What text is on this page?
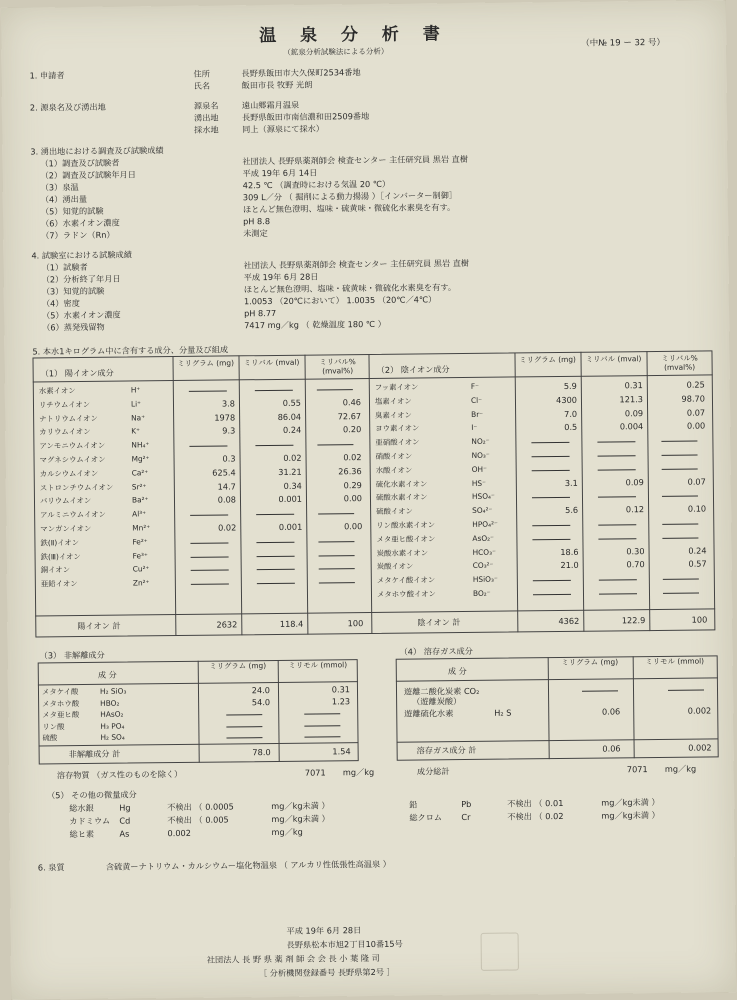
温 泉 分 析 書
（鉱泉分析試験法による分析）
（中№ 19 ー 32 号）
1. 申請者	住所	長野県飯田市大久保町2534番地
氏名	飯田市長 牧野 光朗
2. 源泉名及び湧出地	源泉名	遠山郷霜月温泉
湧出地	長野県飯田市南信濃和田2509番地
採水地	同上（源泉にて採水）
3. 湧出地における調査及び試験成績
（1）調査及び試験者	社団法人 長野県薬剤師会 検査センター 主任研究員 黒岩 直樹
（2）調査及び試験年月日	平成 19年 6月 14日
（3）泉温	42.5 ℃ （調査時における気温 20 ℃）
（4）湧出量	309 L／分 （ 掘削による動力揚湯 ）［インバーター制御］
（5）知覚的試験	ほとんど無色澄明、塩味・硫黄味・微硫化水素臭を有す。
（6）水素イオン濃度	pH 8.8
（7）ラドン（Rn）	未測定
4. 試験室における試験成績
（1）試験者	社団法人 長野県薬剤師会 検査センター 主任研究員 黒岩 直樹
（2）分析終了年月日	平成 19年 6月 28日
（3）知覚的試験	ほとんど無色澄明、塩味・硫黄味・微硫化水素臭を有す。
（4）密度	1.0053 （20℃において） 1.0035 （20℃／4℃）
（5）水素イオン濃度	pH 8.77
（6）蒸発残留物	7417 mg／kg （ 乾燥温度 180 ℃ ）
5. 本水1キログラム中に含有する成分、分量及び組成
（1） 陽イオン成分
ミリグラム (mg)	ミリバル (mval)	ミリバル% (mval%)	（2） 陰イオン成分
ミリグラム (mg)	ミリバル (mval)	ミリバル% (mval%)
水素イオン	H⁺
リチウムイオン	Li⁺	3.8	0.55	0.46
ナトリウムイオン	Na⁺	1978	86.04	72.67
カリウムイオン	K⁺	9.3	0.24	0.20
アンモニウムイオン	NH₄⁺
マグネシウムイオン	Mg²⁺	0.3	0.02	0.02
カルシウムイオン	Ca²⁺	625.4	31.21	26.36
ストロンチウムイオン Sr²⁺	14.7	0.34	0.29
バリウムイオン	Ba²⁺	0.08	0.001	0.00
アルミニウムイオン	Al³⁺
マンガンイオン	Mn²⁺	0.02	0.001	0.00
鉄(Ⅱ)イオン	Fe²⁺
鉄(Ⅲ)イオン	Fe³⁺
銅イオン	Cu²⁺
亜鉛イオン	Zn²⁺
フッ素イオン	F⁻	5.9	0.31	0.25
塩素イオン	Cl⁻	4300	121.3	98.70
臭素イオン	Br⁻	7.0	0.09	0.07
ヨウ素イオン	I⁻	0.5	0.004	0.00
亜硝酸イオン	NO₂⁻
硝酸イオン	NO₃⁻
水酸イオン	OH⁻
硫化水素イオン	HS⁻	3.1	0.09	0.07
硫酸水素イオン	HSO₄⁻
硫酸イオン	SO₄²⁻	5.6	0.12	0.10
リン酸水素イオン	HPO₄²⁻
メタ亜ヒ酸イオン	AsO₂⁻
炭酸水素イオン	HCO₃⁻	18.6	0.30	0.24
炭酸イオン	CO₃²⁻	21.0	0.70	0.57
メタケイ酸イオン	HSiO₃⁻
メタホウ酸イオン	BO₂⁻
陽イオン 計	2632	118.4	100	陰イオン 計	4362	122.9	100
（3） 非解離成分
成 分
ミリグラム (mg)	ミリモル (mmol)
メタケイ酸	H₂ SiO₃	24.0	0.31
メタホウ酸	HBO₂	54.0	1.23
メタ亜ヒ酸	HAsO₂
リン酸	H₃ PO₄
硫酸	H₂ SO₄
非解離成分 計	78.0	1.54
溶存物質 （ガス性のものを除く）	7071 mg／kg
（4） 溶存ガス成分
成 分
ミリグラム (mg)	ミリモル (mmol)
遊離二酸化炭素 CO₂
（遊離炭酸）
遊離硫化水素	H₂ S	0.06	0.002
溶存ガス成分 計	0.06	0.002
成分総計	7071 mg／kg
（5） その他の微量成分
総水銀	Hg	不検出 （ 0.0005	mg／kg未満 ）
カドミウム Cd	不検出 （ 0.005	mg／kg未満 ）
総ヒ素	As	0.002	mg／kg
鉛	Pb	不検出 （ 0.01	mg／kg未満 ）
総クロム Cr	不検出 （ 0.02	mg／kg未満 ）
6. 泉質	含硫黄ーナトリウム・カルシウムー塩化物温泉 （ アルカリ性低張性高温泉 ）
平成 19年 6月 28日
長野県松本市旭2丁目10番15号
社団法人 長 野 県 薬 剤 師 会 会 長 小 葉 隆 司
［ 分析機関登録番号 長野県第2号 ］
